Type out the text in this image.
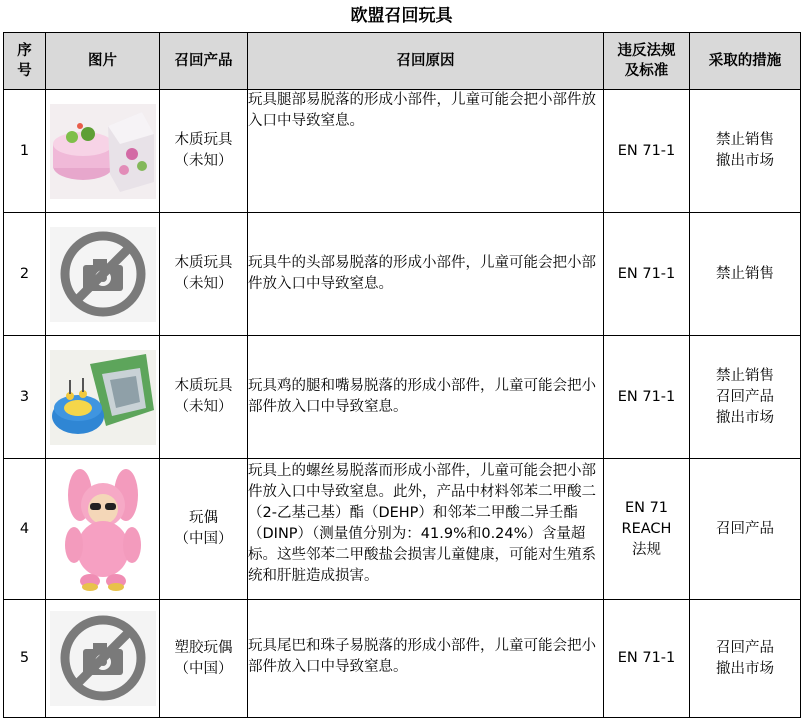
欧盟召回玩具
序号	图片	召回产品	召回原因	违反法规及标准	采取的措施
1		木质玩具
（未知）	玩具腿部易脱落的形成小部件，儿童可能会把小部件放入口中导致窒息。	EN 71-1	禁止销售
撤出市场

2		木质玩具
（未知）	玩具牛的头部易脱落的形成小部件，儿童可能会把小部件放入口中导致窒息。	EN 71-1	禁止销售

3		木质玩具
（未知）	玩具鸡的腿和嘴易脱落的形成小部件，儿童可能会把小部件放入口中导致窒息。	EN 71-1	禁止销售
召回产品
撤出市场

4		玩偶
（中国）	玩具上的螺丝易脱落而形成小部件，儿童可能会把小部件放入口中导致窒息。此外，产品中材料邻苯二甲酸二（2-乙基己基）酯（DEHP）和邻苯二甲酸二异壬酯（DINP）（测量值分别为：41.9%和0.24%）含量超标。这些邻苯二甲酸盐会损害儿童健康，可能对生殖系统和肝脏造成损害。	EN 71
REACH
法规	召回产品

5		塑胶玩偶
（中国）	玩具尾巴和珠子易脱落的形成小部件，儿童可能会把小部件放入口中导致窒息。	EN 71-1	召回产品
撤出市场
